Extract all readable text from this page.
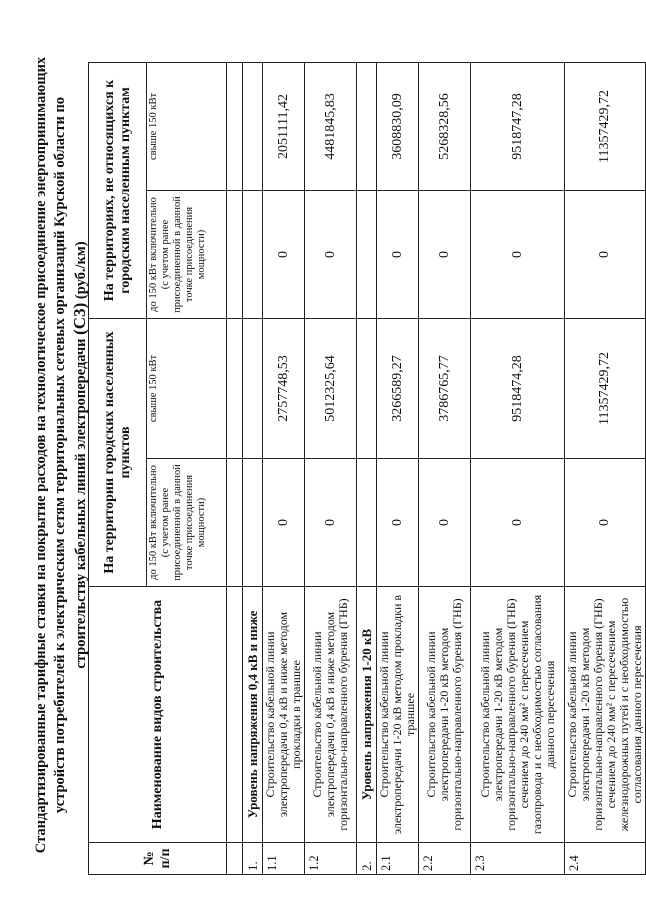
Стандартизированные тарифные ставки на покрытие расходов на технологическое присоединение энергопринимающих устройств потребителей к электрическим сетям территориальных сетевых организаций Курской области по строительству кабельных линий электропередачи (С3) (руб./км)
№ п/п	Наименование видов строительства	На территории городских населенных пунктов		На территориях, не относящихся к городским населенным пунктам	
		до 150 кВт включительно (с учетом ранее присоединенной в данной точке присоединения мощности)	свыше 150 кВт	до 150 кВт включительно (с учетом ранее присоединенной в данной точке присоединения мощности)	свыше 150 кВт

1.	Уровень напряжения 0,4 кВ и ниже				
1.1	Строительство кабельной линии электропередачи 0,4 кВ и ниже методом прокладки в траншее	0	2757748,53	0	2051111,42
1.2	Строительство кабельной линии электропередачи 0,4 кВ и ниже методом горизонтально-направленного бурения (ГНБ)	0	5012325,64	0	4481845,83
2.	Уровень напряжения 1-20 кВ				
2.1	Строительство кабельной линии электропередачи 1-20 кВ методом прокладки в траншее	0	3266589,27	0	3608830,09
2.2	Строительство кабельной линии электропередачи 1-20 кВ методом горизонтально-направленного бурения (ГНБ)	0	3786765,77	0	5268328,56
2.3	Строительство кабельной линии электропередачи 1-20 кВ методом горизонтально-направленного бурения (ГНБ) сечением до 240 мм² с пересечением газопровода и с необходимостью согласования данного пересечения	0	9518474,28	0	9518747,28
2.4	Строительство кабельной линии электропередачи 1-20 кВ методом горизонтально-направленного бурения (ГНБ) сечением до 240 мм² с пересечением железнодорожных путей и с необходимостью согласования данного пересечения	0	11357429,72	0	11357429,72
